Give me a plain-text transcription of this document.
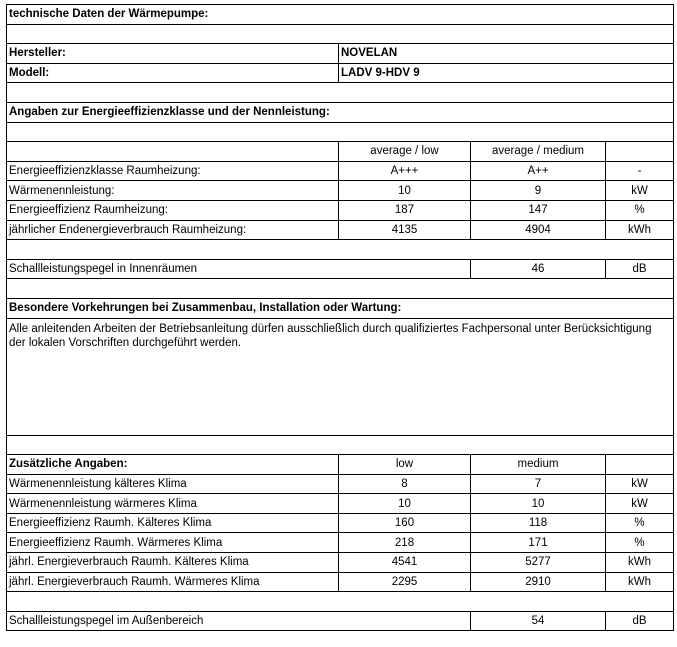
technische Daten der Wärmepumpe:			

Hersteller:	NOVELAN		
Modell:	LADV 9-HDV 9		

Angaben zur Energieeffizienzklasse und der Nennleistung:			

	average / low	average / medium	
Energieeffizienzklasse Raumheizung:	A+++	A++	-
Wärmenennleistung:	10	9	kW
Energieeffizienz Raumheizung:	187	147	%
jährlicher Endenergieverbrauch Raumheizung:	4135	4904	kWh

Schallleistungspegel in Innenräumen		46	dB

Besondere Vorkehrungen bei Zusammenbau, Installation oder Wartung:			
Alle anleitenden Arbeiten der Betriebsanleitung dürfen ausschließlich durch qualifiziertes Fachpersonal unter Berücksichtigung der lokalen Vorschriften durchgeführt werden.			

Zusätzliche Angaben:	low	medium	
Wärmenennleistung kälteres Klima	8	7	kW
Wärmenennleistung wärmeres Klima	10	10	kW
Energieeffizienz Raumh. Kälteres Klima	160	118	%
Energieeffizienz Raumh. Wärmeres Klima	218	171	%
jährl. Energieverbrauch Raumh. Kälteres Klima	4541	5277	kWh
jährl. Energieverbrauch Raumh. Wärmeres Klima	2295	2910	kWh

Schallleistungspegel im Außenbereich		54	dB
